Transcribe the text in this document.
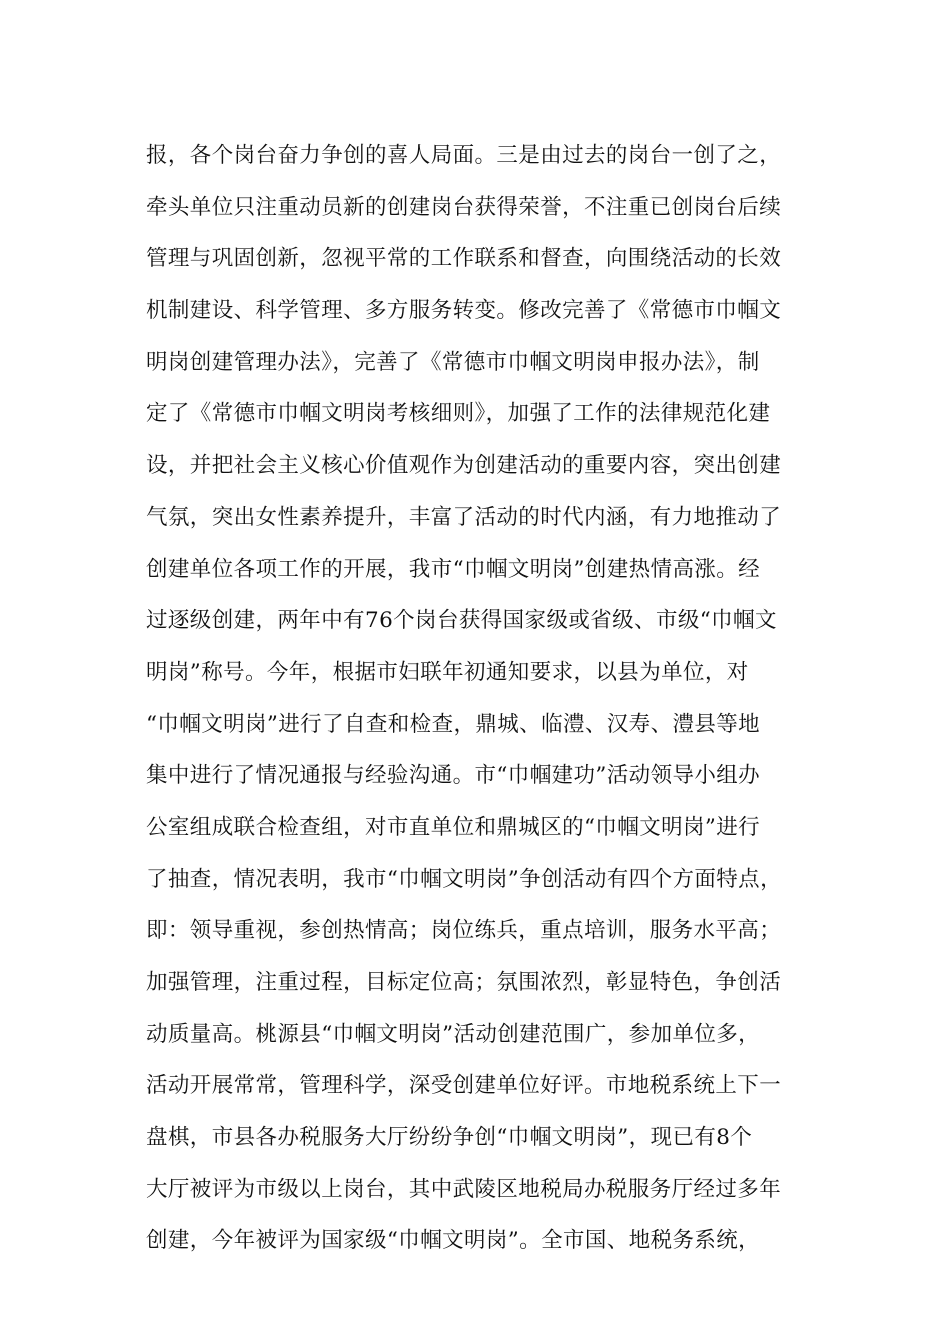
报，各个岗台奋力争创的喜人局面。三是由过去的岗台一创了之，
牵头单位只注重动员新的创建岗台获得荣誉，不注重已创岗台后续
管理与巩固创新，忽视平常的工作联系和督查，向围绕活动的长效
机制建设、科学管理、多方服务转变。修改完善了《常德市巾帼文
明岗创建管理办法》，完善了《常德市巾帼文明岗申报办法》，制
定了《常德市巾帼文明岗考核细则》，加强了工作的法律规范化建
设，并把社会主义核心价值观作为创建活动的重要内容，突出创建
气氛，突出女性素养提升，丰富了活动的时代内涵，有力地推动了
创建单位各项工作的开展，我市“巾帼文明岗”创建热情高涨。经
过逐级创建，两年中有76个岗台获得国家级或省级、市级“巾帼文
明岗”称号。今年，根据市妇联年初通知要求，以县为单位，对
“巾帼文明岗”进行了自查和检查，鼎城、临澧、汉寿、澧县等地
集中进行了情况通报与经验沟通。市“巾帼建功”活动领导小组办
公室组成联合检查组，对市直单位和鼎城区的“巾帼文明岗”进行
了抽查，情况表明，我市“巾帼文明岗”争创活动有四个方面特点，
即：领导重视，参创热情高；岗位练兵，重点培训，服务水平高；
加强管理，注重过程，目标定位高；氛围浓烈，彰显特色，争创活
动质量高。桃源县“巾帼文明岗”活动创建范围广，参加单位多，
活动开展常常，管理科学，深受创建单位好评。市地税系统上下一
盘棋，市县各办税服务大厅纷纷争创“巾帼文明岗”，现已有8个
大厅被评为市级以上岗台，其中武陵区地税局办税服务厅经过多年
创建，今年被评为国家级“巾帼文明岗”。全市国、地税务系统，
